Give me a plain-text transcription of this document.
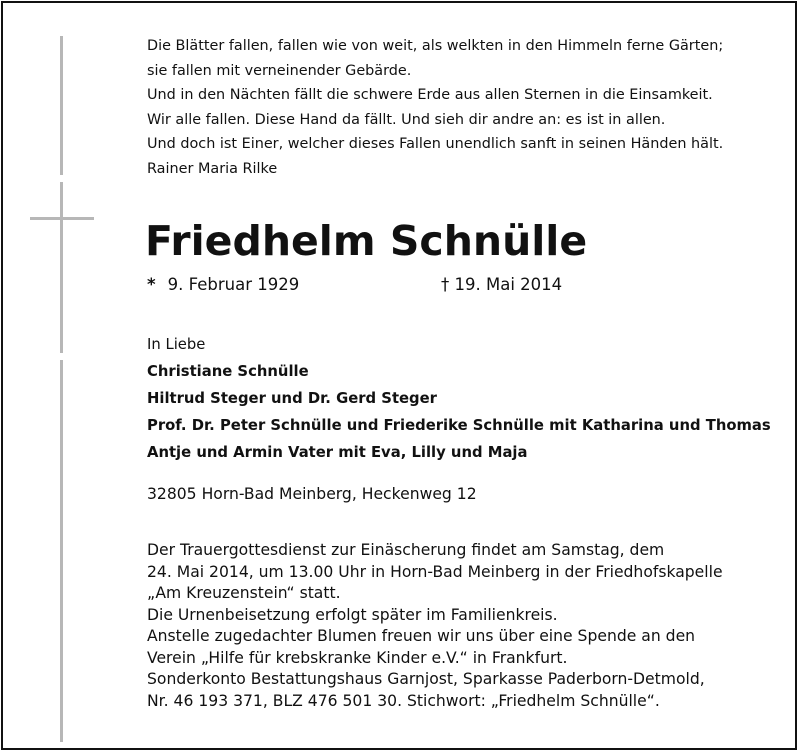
Die Blätter fallen, fallen wie von weit, als welkten in den Himmeln ferne Gärten;
sie fallen mit verneinender Gebärde.
Und in den Nächten fällt die schwere Erde aus allen Sternen in die Einsamkeit.
Wir alle fallen. Diese Hand da fällt. Und sieh dir andre an: es ist in allen.
Und doch ist Einer, welcher dieses Fallen unendlich sanft in seinen Händen hält.
Rainer Maria Rilke
Friedhelm Schnülle
* 9. Februar 1929	† 19. Mai 2014
In Liebe
Christiane Schnülle
Hiltrud Steger und Dr. Gerd Steger
Prof. Dr. Peter Schnülle und Friederike Schnülle mit Katharina und Thomas
Antje und Armin Vater mit Eva, Lilly und Maja
32805 Horn-Bad Meinberg, Heckenweg 12
Der Trauergottesdienst zur Einäscherung findet am Samstag, dem
24. Mai 2014, um 13.00 Uhr in Horn-Bad Meinberg in der Friedhofskapelle
„Am Kreuzenstein“ statt.
Die Urnenbeisetzung erfolgt später im Familienkreis.
Anstelle zugedachter Blumen freuen wir uns über eine Spende an den
Verein „Hilfe für krebskranke Kinder e.V.“ in Frankfurt.
Sonderkonto Bestattungshaus Garnjost, Sparkasse Paderborn-Detmold,
Nr. 46 193 371, BLZ 476 501 30. Stichwort: „Friedhelm Schnülle“.
